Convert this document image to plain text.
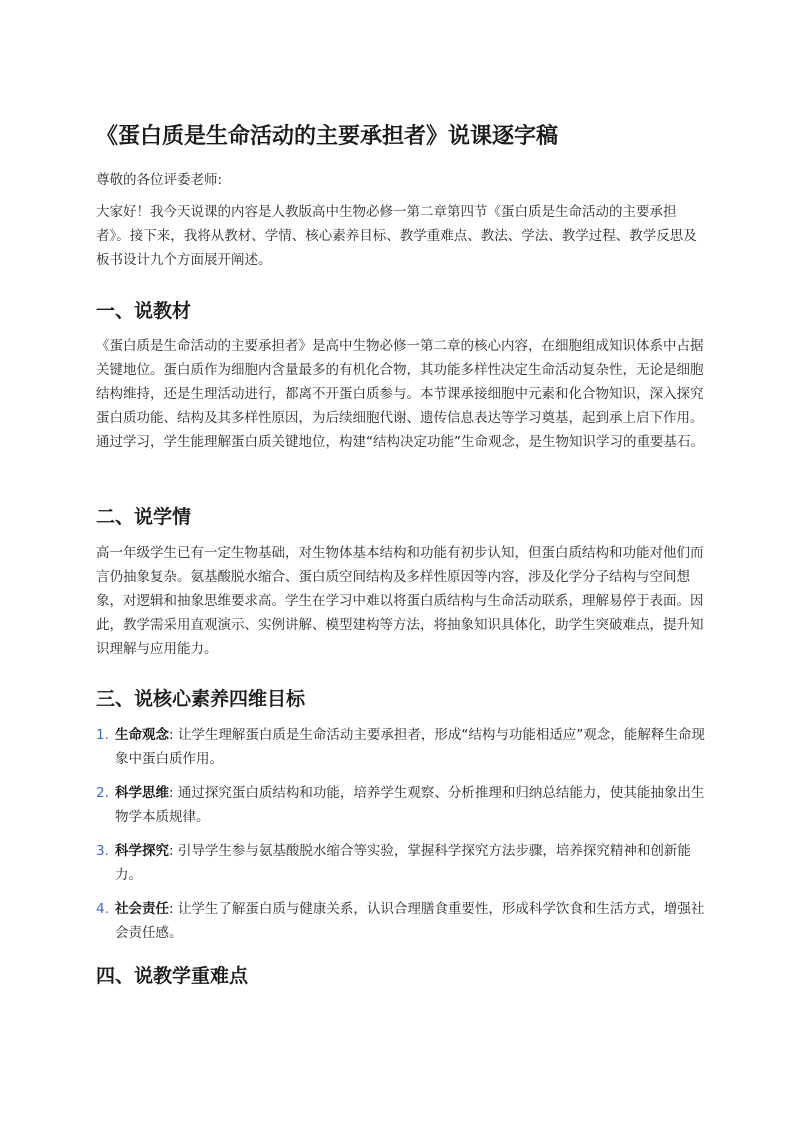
《蛋白质是生命活动的主要承担者》说课逐字稿

尊敬的各位评委老师:

大家好！我今天说课的内容是人教版高中生物必修一第二章第四节《蛋白质是生命活动的主要承担者》。接下来，我将从教材、学情、核心素养目标、教学重难点、教法、学法、教学过程、教学反思及板书设计九个方面展开阐述。

一、说教材

《蛋白质是生命活动的主要承担者》是高中生物必修一第二章的核心内容，在细胞组成知识体系中占据关键地位。蛋白质作为细胞内含量最多的有机化合物，其功能多样性决定生命活动复杂性，无论是细胞结构维持，还是生理活动进行，都离不开蛋白质参与。本节课承接细胞中元素和化合物知识，深入探究蛋白质功能、结构及其多样性原因，为后续细胞代谢、遗传信息表达等学习奠基，起到承上启下作用。通过学习，学生能理解蛋白质关键地位，构建“结构决定功能”生命观念，是生物知识学习的重要基石。

二、说学情

高一年级学生已有一定生物基础，对生物体基本结构和功能有初步认知，但蛋白质结构和功能对他们而言仍抽象复杂。氨基酸脱水缩合、蛋白质空间结构及多样性原因等内容，涉及化学分子结构与空间想象，对逻辑和抽象思维要求高。学生在学习中难以将蛋白质结构与生命活动联系，理解易停于表面。因此，教学需采用直观演示、实例讲解、模型建构等方法，将抽象知识具体化，助学生突破难点，提升知识理解与应用能力。

三、说核心素养四维目标
1. 生命观念: 让学生理解蛋白质是生命活动主要承担者，形成“结构与功能相适应”观念，能解释生命现象中蛋白质作用。
2. 科学思维: 通过探究蛋白质结构和功能，培养学生观察、分析推理和归纳总结能力，使其能抽象出生物学本质规律。
3. 科学探究: 引导学生参与氨基酸脱水缩合等实验，掌握科学探究方法步骤，培养探究精神和创新能力。
4. 社会责任: 让学生了解蛋白质与健康关系，认识合理膳食重要性，形成科学饮食和生活方式，增强社会责任感。
四、说教学重难点
